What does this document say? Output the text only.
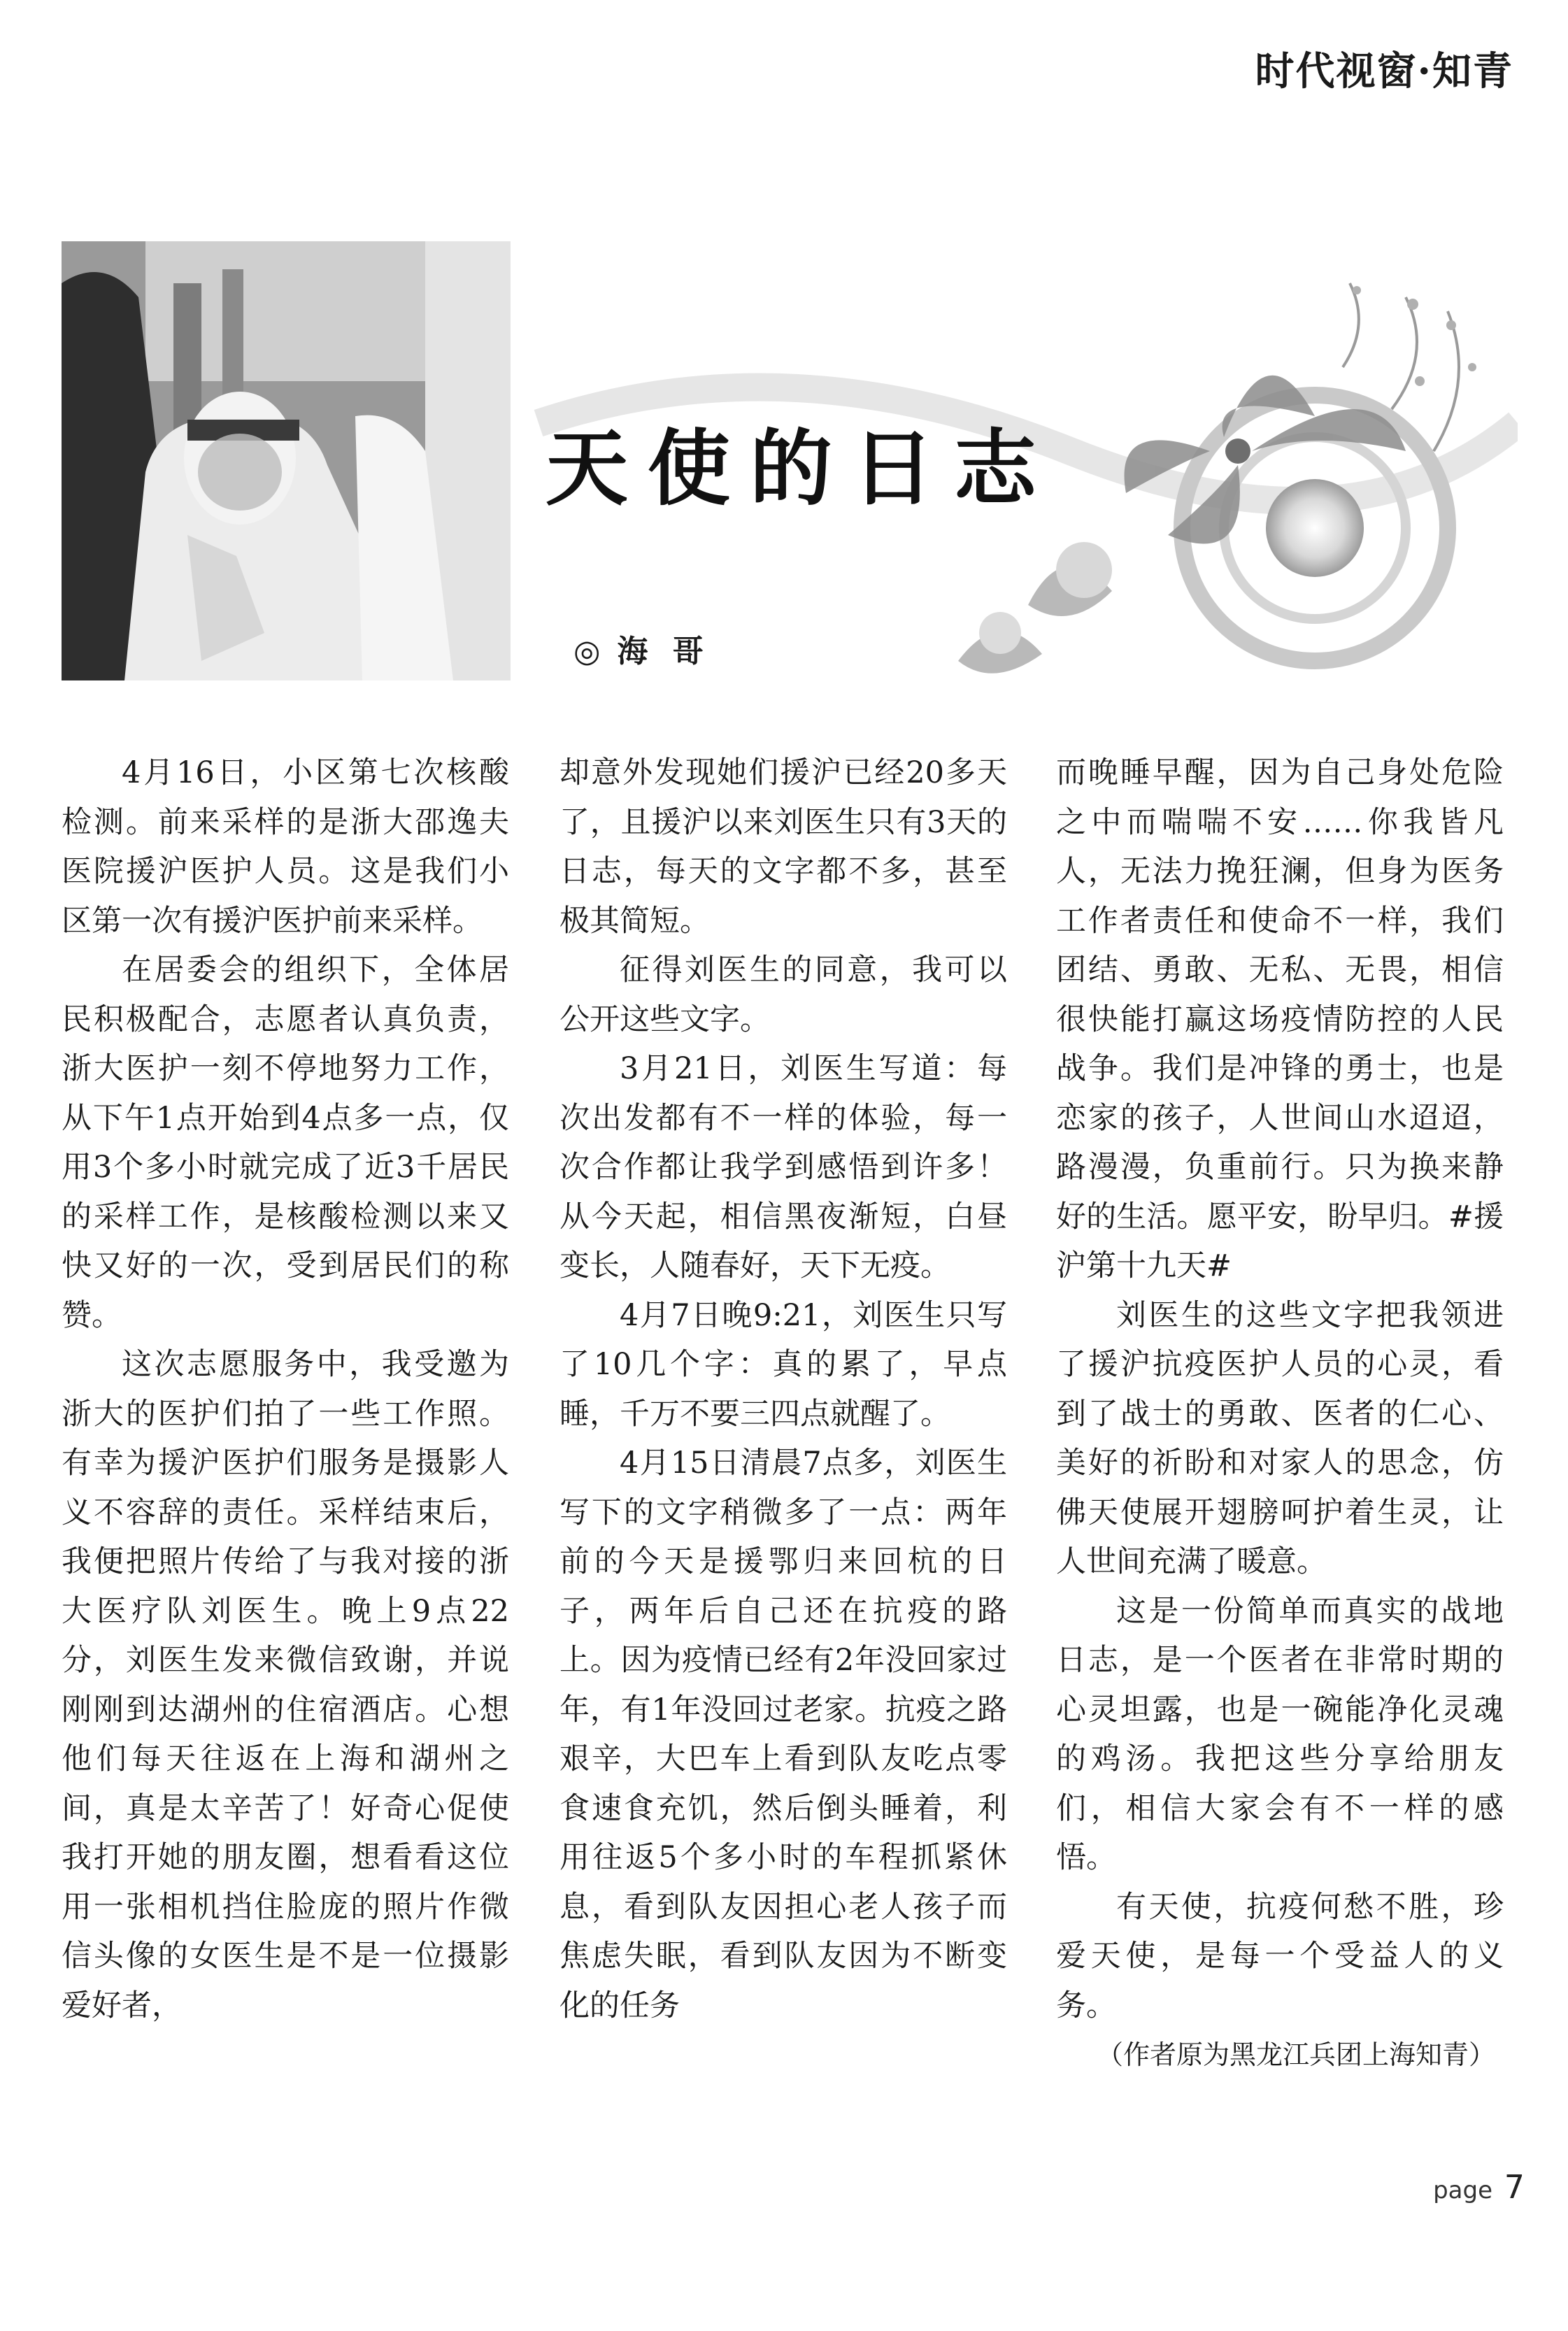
时代视窗·知青
天使的日志
◎ 海 哥

4月16日，小区第七次核酸检测。前来采样的是浙大邵逸夫医院援沪医护人员。这是我们小区第一次有援沪医护前来采样。

在居委会的组织下，全体居民积极配合，志愿者认真负责，浙大医护一刻不停地努力工作，从下午1点开始到4点多一点，仅用3个多小时就完成了近3千居民的采样工作，是核酸检测以来又快又好的一次，受到居民们的称赞。

这次志愿服务中，我受邀为浙大的医护们拍了一些工作照。有幸为援沪医护们服务是摄影人义不容辞的责任。采样结束后，我便把照片传给了与我对接的浙大医疗队刘医生。晚上9点22分，刘医生发来微信致谢，并说刚刚到达湖州的住宿酒店。心想他们每天往返在上海和湖州之间，真是太辛苦了！好奇心促使我打开她的朋友圈，想看看这位用一张相机挡住脸庞的照片作微信头像的女医生是不是一位摄影爱好者，

却意外发现她们援沪已经20多天了，且援沪以来刘医生只有3天的日志，每天的文字都不多，甚至极其简短。

征得刘医生的同意，我可以公开这些文字。

3月21日，刘医生写道：每次出发都有不一样的体验，每一次合作都让我学到感悟到许多！从今天起，相信黑夜渐短，白昼变长，人随春好，天下无疫。

4月7日晚9:21，刘医生只写了10几个字：真的累了，早点睡，千万不要三四点就醒了。

4月15日清晨7点多，刘医生写下的文字稍微多了一点：两年前的今天是援鄂归来回杭的日子，两年后自己还在抗疫的路上。因为疫情已经有2年没回家过年，有1年没回过老家。抗疫之路艰辛，大巴车上看到队友吃点零食速食充饥，然后倒头睡着，利用往返5个多小时的车程抓紧休息，看到队友因担心老人孩子而焦虑失眠，看到队友因为不断变化的任务

而晚睡早醒，因为自己身处危险之中而喘喘不安……你我皆凡人，无法力挽狂澜，但身为医务工作者责任和使命不一样，我们团结、勇敢、无私、无畏，相信很快能打赢这场疫情防控的人民战争。我们是冲锋的勇士，也是恋家的孩子，人世间山水迢迢，路漫漫，负重前行。只为换来静好的生活。愿平安，盼早归。#援沪第十九天#

刘医生的这些文字把我领进了援沪抗疫医护人员的心灵，看到了战士的勇敢、医者的仁心、美好的祈盼和对家人的思念，仿佛天使展开翅膀呵护着生灵，让人世间充满了暖意。

这是一份简单而真实的战地日志，是一个医者在非常时期的心灵坦露，也是一碗能净化灵魂的鸡汤。我把这些分享给朋友们，相信大家会有不一样的感悟。

有天使，抗疫何愁不胜，珍爱天使，是每一个受益人的义务。

（作者原为黑龙江兵团上海知青）

page 7
